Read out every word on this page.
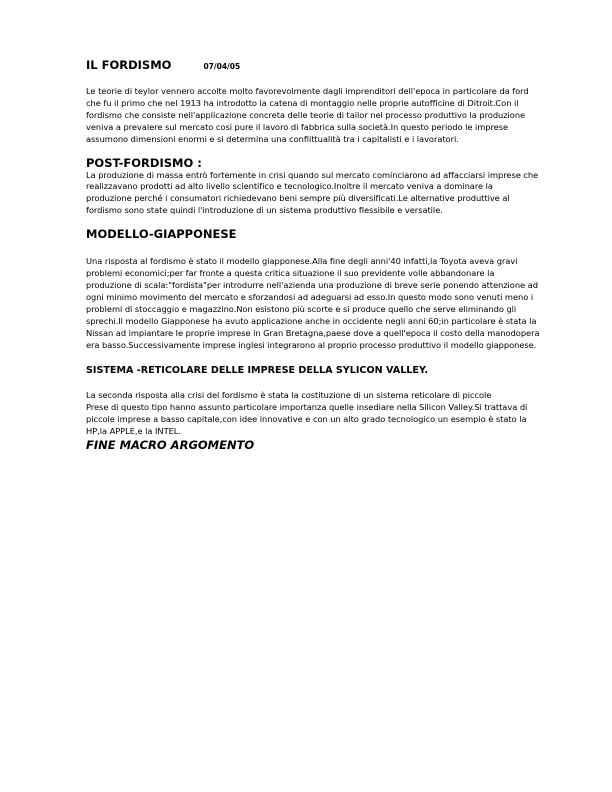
IL FORDISMO	07/04/05

Le teorie di teylor vennero accolte molto favorevolmente dagli imprenditori dell'epoca in particolare da ford
che fu il primo che nel 1913 ha introdotto la catena di montaggio nelle proprie autofficine di Ditroit.Con il
fordismo che consiste nell'applicazione concreta delle teorie di tailor nel processo produttivo la produzione
veniva a prevalere sul mercato così pure il lavoro di fabbrica sulla società.In questo periodo le imprese
assumono dimensioni enormi e si determina una conflittualità tra i capitalisti e i lavoratori.

POST-FORDISMO :

La produzione di massa entrò fortemente in crisi quando sul mercato cominciarono ad affacciarsi imprese che
realizzavano prodotti ad alto livello scientifico e tecnologico.Inoltre il mercato veniva a dominare la
produzione perché i consumatori richiedevano beni sempre più diversificati.Le alternative produttive al
fordismo sono state quindi l'introduzione di un sistema produttivo flessibile e versatile.

MODELLO-GIAPPONESE

Una risposta al fordismo è stato il modello giapponese.Alla fine degli anni'40 infatti,la Toyota aveva gravi
problemi economici;per far fronte a questa critica situazione il suo previdente volle abbandonare la
produzione di scala:"fordista"per introdurre nell'azienda una produzione di breve serie ponendo attenzione ad
ogni minimo movimento del mercato e sforzandosi ad adeguarsi ad esso.In questo modo sono venuti meno i
problemi di stoccaggio e magazzino.Non esistono più scorte e si produce quello che serve eliminando gli
sprechi.Il modello Giapponese ha avuto applicazione anche in occidente negli anni 60;in particolare è stata la
Nissan ad impiantare le proprie imprese in Gran Bretagna,paese dove a quell'epoca il costo della manodopera
era basso.Successivamente imprese inglesi integrarono al proprio processo produttivo il modello giapponese.

SISTEMA -RETICOLARE DELLE IMPRESE DELLA SYLICON VALLEY.

La seconda risposta alla crisi del fordismo è stata la costituzione di un sistema reticolare di piccole
Prese di questo tipo hanno assunto particolare importanza quelle insediare nella Silicon Valley.Si trattava di
piccole imprese a basso capitale,con idee innovative e con un alto grado tecnologico un esempio è stato la
HP,la APPLE,e la INTEL.

FINE MACRO ARGOMENTO
